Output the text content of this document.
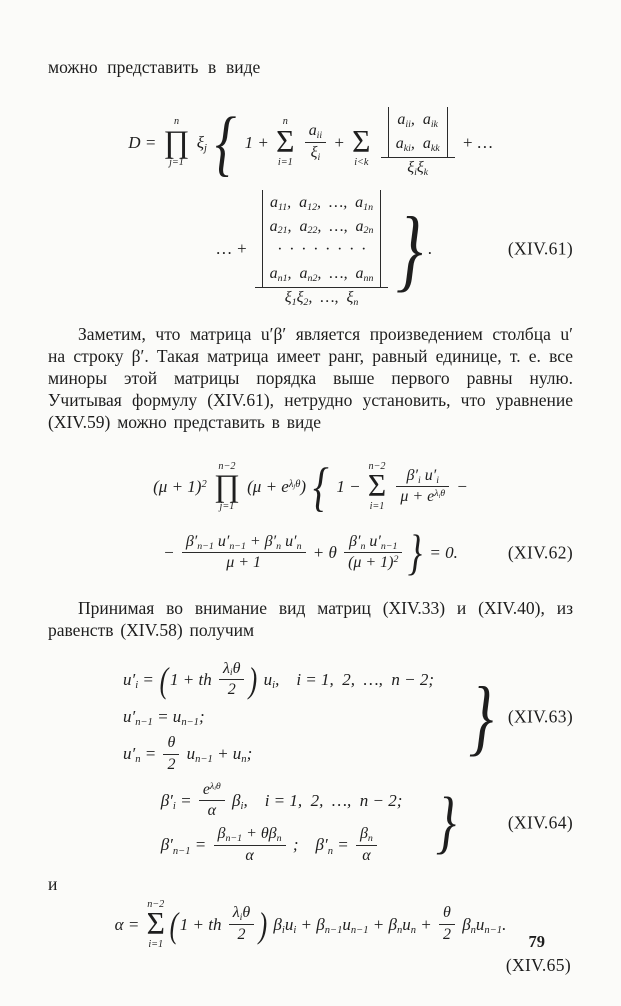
можно представить в виде

D =
n
∏
j=1
ξj { 1 +
n
Σ
i=1
$\frac{\text{aii}}{\xi i}$ +
Σ
i<k
aii,  aik
aki,  akk
ξiξk + …
… +
a11,  a12,  …,  a1n
a21,  a22,  …,  a2n
·  ·  ·  ·  ·  ·  ·  ·
an1,  an2,  …,  ann
ξ1ξ2,  …,  ξn
} .	(XIV.61)

Заметим, что матрица u′β′ является произведением столбца u′ на строку β′. Такая матрица имеет ранг, равный единице, т. е. все миноры этой матрицы порядка выше первого равны нулю. Учитывая формулу (XIV.61), нетрудно установить, что уравнение (XIV.59) можно представить в виде

$(\mu + 1)^2$
n−2
∏
j=1
$(\mu + e^{\lambda j\theta})$ { 1 −
n−2
Σ
i=1
$\frac{\text{β′i u′i}}{\mu + e^{\lambda i\theta}}$ −
− $\frac{\text{β′n−1 u′n−1 + β′n u′n}}{\mu + 1} + \theta \frac{\text{β′n u′n−1}}{(\mu + 1)^2}$ } = 0.	(XIV.62)

Принимая во внимание вид матриц (XIV.33) и (XIV.40), из равенств (XIV.58) получим

u′i = ( 1 + th $\frac{\text{λiθ}}{2}$ ) ui,    i = 1,  2,  …,  n − 2;
u′n−1 = un−1;
$u'n = \frac{\theta}{2} un-1$ + un;	} (XIV.63)
$\beta'i = \frac{e^{\lambda i\theta}}{\alpha} \beta i$,    i = 1,  2,  …,  n − 2;
$\beta'n-1 = \frac{\text{βn−1 + θβn}}{\alpha}$ ;    $\beta'n = \frac{\beta n}{\alpha}$ }	(XIV.64)

и

α =
n−2
Σ
i=1 ( 1 + th $\frac{\text{λiθ}}{2}$ ) $\beta iui + \beta n-1un-1 + \beta nun + \frac{\theta}{2} \beta nun-1$.
(XIV.65)
79
